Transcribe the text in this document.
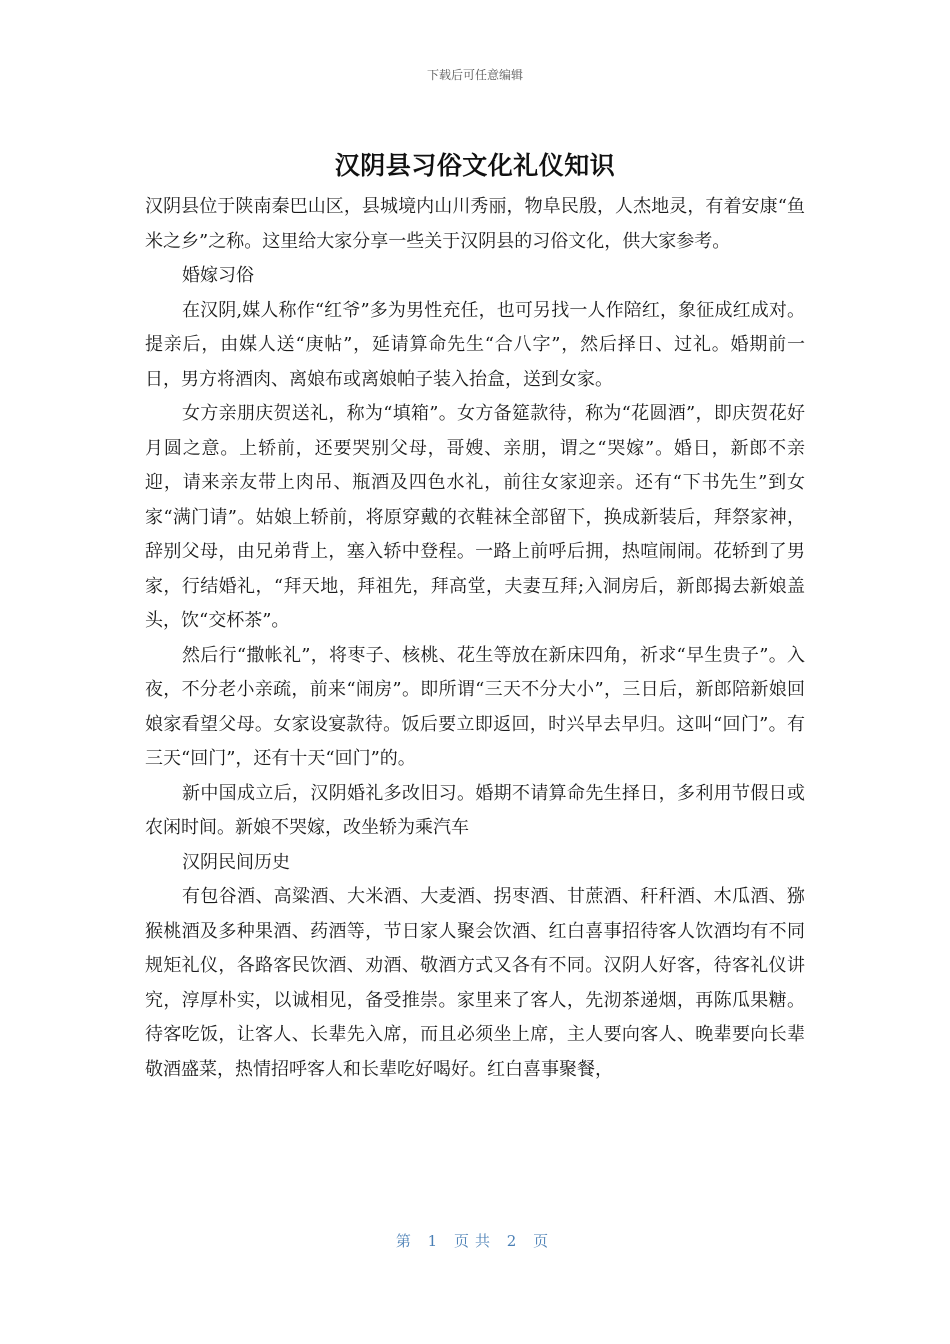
下载后可任意编辑
汉阴县习俗文化礼仪知识

汉阴县位于陕南秦巴山区，县城境内山川秀丽，物阜民殷，人杰地灵，有着安康“鱼米之乡”之称。这里给大家分享一些关于汉阴县的习俗文化，供大家参考。

婚嫁习俗

在汉阴,媒人称作“红爷”多为男性充任，也可另找一人作陪红，象征成红成对。提亲后，由媒人送“庚帖”，延请算命先生“合八字”，然后择日、过礼。婚期前一日，男方将酒肉、离娘布或离娘帕子装入抬盒，送到女家。

女方亲朋庆贺送礼，称为“填箱”。女方备筵款待，称为“花圆酒”，即庆贺花好月圆之意。上轿前，还要哭别父母，哥嫂、亲朋，谓之“哭嫁”。婚日，新郎不亲迎，请来亲友带上肉吊、瓶酒及四色水礼，前往女家迎亲。还有“下书先生”到女家“满门请”。姑娘上轿前，将原穿戴的衣鞋袜全部留下，换成新装后，拜祭家神，辞别父母，由兄弟背上，塞入轿中登程。一路上前呼后拥，热喧闹闹。花轿到了男家，行结婚礼，“拜天地，拜祖先，拜高堂，夫妻互拜;入洞房后，新郎揭去新娘盖头，饮“交杯茶”。

然后行“撒帐礼”，将枣子、核桃、花生等放在新床四角，祈求“早生贵子”。入夜，不分老小亲疏，前来“闹房”。即所谓“三天不分大小”，三日后，新郎陪新娘回娘家看望父母。女家设宴款待。饭后要立即返回，时兴早去早归。这叫“回门”。有三天“回门”，还有十天“回门”的。

新中国成立后，汉阴婚礼多改旧习。婚期不请算命先生择日，多利用节假日或农闲时间。新娘不哭嫁，改坐轿为乘汽车

汉阴民间历史

有包谷酒、高粱酒、大米酒、大麦酒、拐枣酒、甘蔗酒、秆秆酒、木瓜酒、猕猴桃酒及多种果酒、药酒等，节日家人聚会饮酒、红白喜事招待客人饮酒均有不同规矩礼仪，各路客民饮酒、劝酒、敬酒方式又各有不同。汉阴人好客，待客礼仪讲究，淳厚朴实，以诚相见，备受推崇。家里来了客人，先沏茶递烟，再陈瓜果糖。待客吃饭，让客人、长辈先入席，而且必须坐上席，主人要向客人、晚辈要向长辈敬酒盛菜，热情招呼客人和长辈吃好喝好。红白喜事聚餐，

第 1 页共 2 页
